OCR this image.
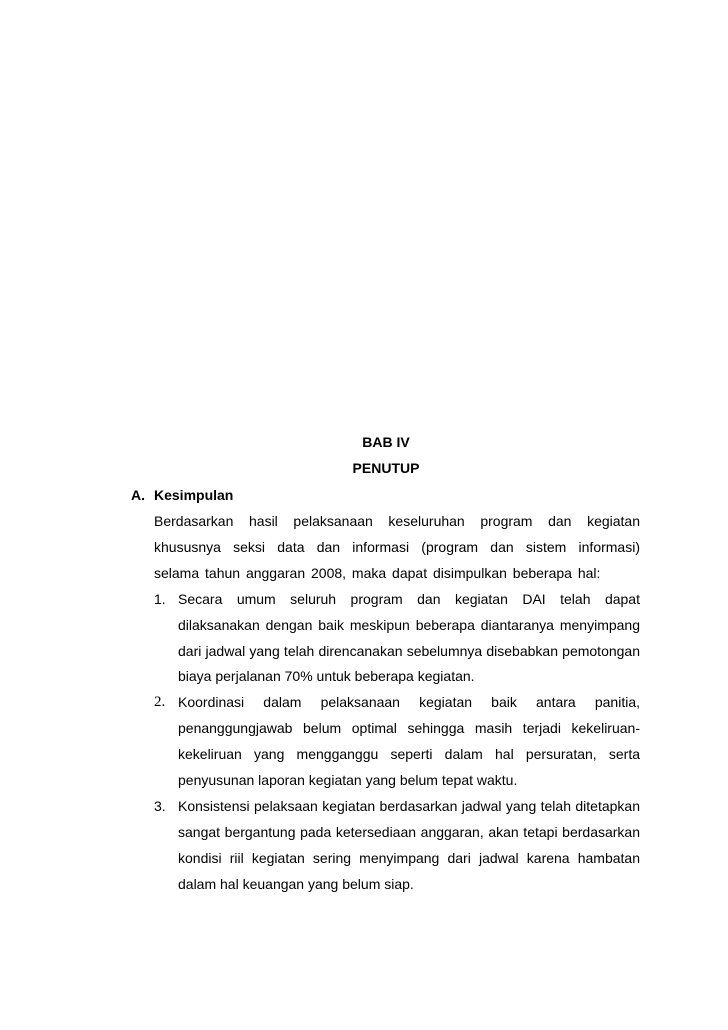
BAB IV
PENUTUP
A. Kesimpulan

Berdasarkan hasil pelaksanaan keseluruhan program dan kegiatan khususnya seksi data dan informasi (program dan sistem informasi) selama tahun anggaran 2008, maka dapat disimpulkan beberapa hal:

1. Secara umum seluruh program dan kegiatan DAI telah dapat dilaksanakan dengan baik meskipun beberapa diantaranya menyimpang dari jadwal yang telah direncanakan sebelumnya disebabkan pemotongan biaya perjalanan 70% untuk beberapa kegiatan.
2. Koordinasi dalam pelaksanaan kegiatan baik antara panitia, penanggungjawab belum optimal sehingga masih terjadi kekeliruan-kekeliruan yang mengganggu seperti dalam hal persuratan, serta penyusunan laporan kegiatan yang belum tepat waktu.
3. Konsistensi pelaksaan kegiatan berdasarkan jadwal yang telah ditetapkan sangat bergantung pada ketersediaan anggaran, akan tetapi berdasarkan kondisi riil kegiatan sering menyimpang dari jadwal karena hambatan dalam hal keuangan yang belum siap.
